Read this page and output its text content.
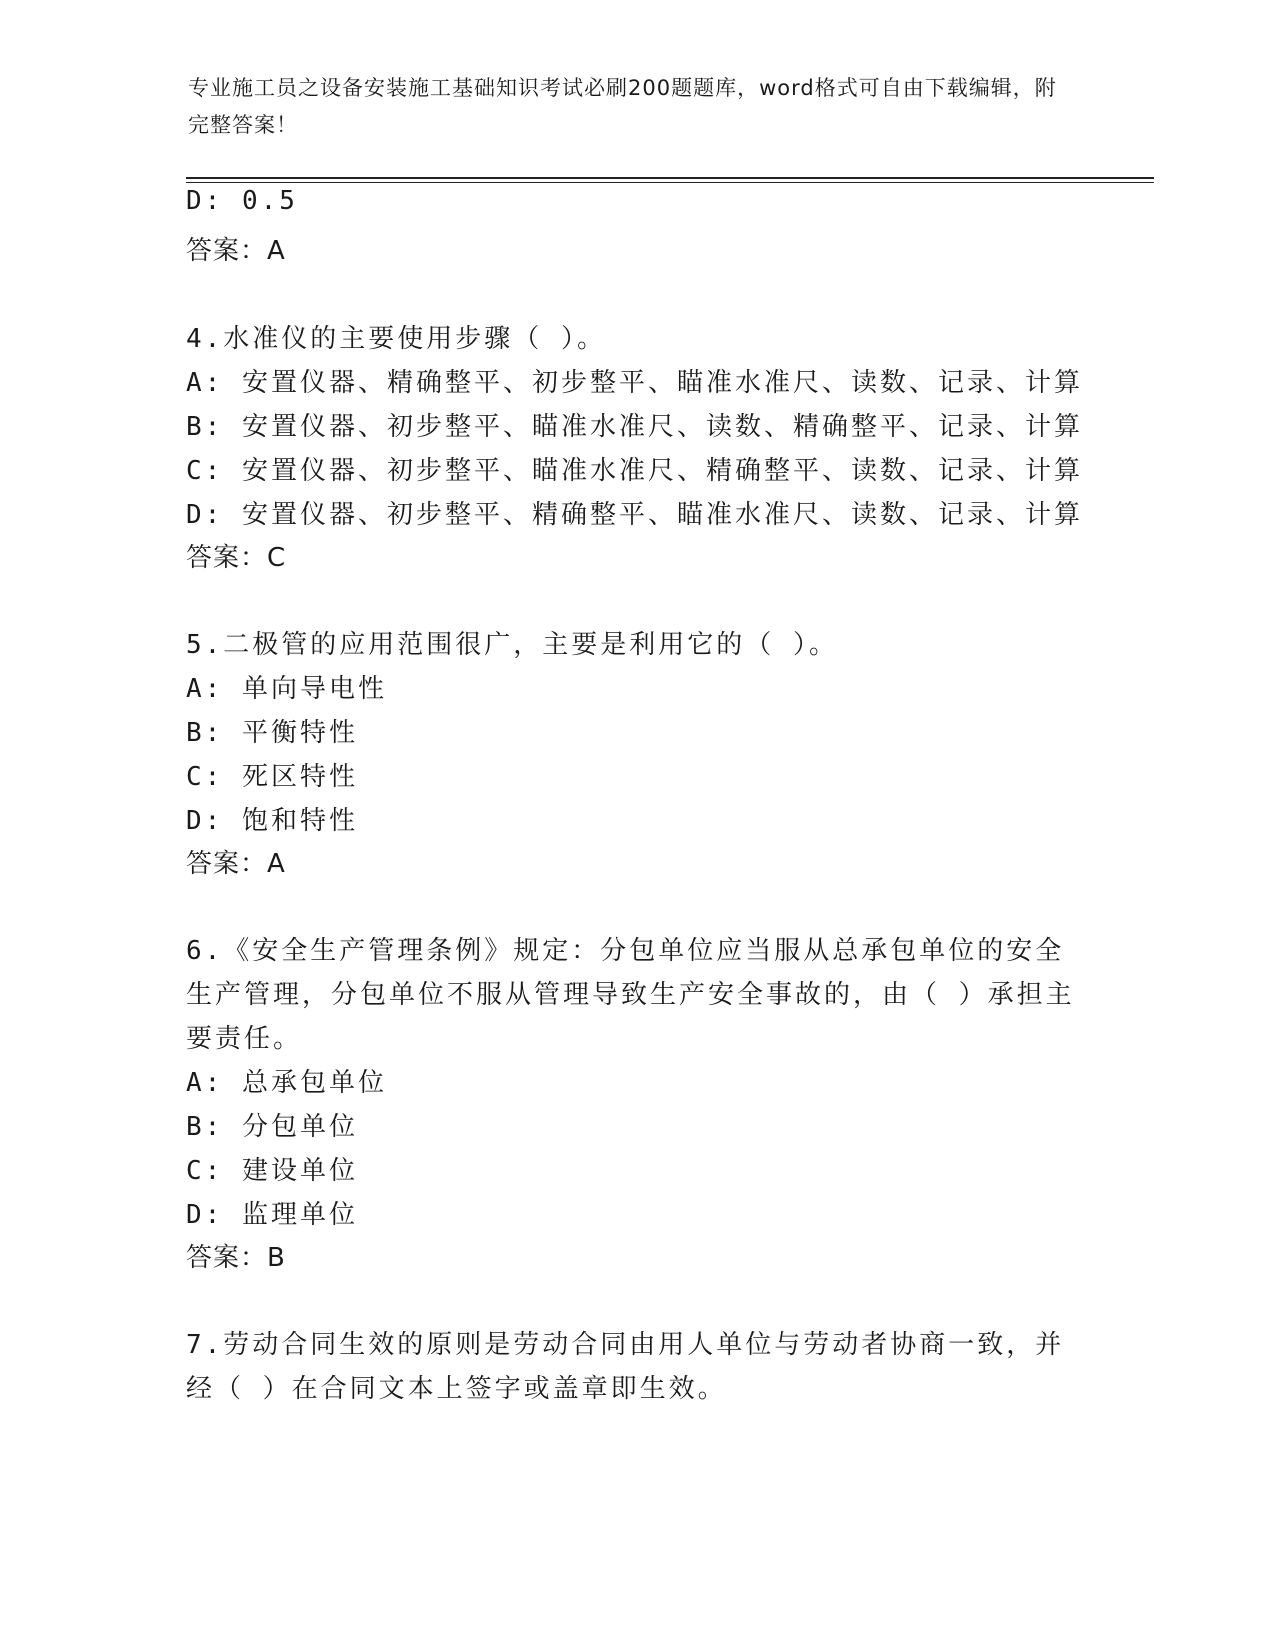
专业施工员之设备安装施工基础知识考试必刷200题题库，word格式可自由下载编辑，附完整答案！
D: 0.5
答案：A
4.水准仪的主要使用步骤（ ）。
A: 安置仪器、精确整平、初步整平、瞄准水准尺、读数、记录、计算
B: 安置仪器、初步整平、瞄准水准尺、读数、精确整平、记录、计算
C: 安置仪器、初步整平、瞄准水准尺、精确整平、读数、记录、计算
D: 安置仪器、初步整平、精确整平、瞄准水准尺、读数、记录、计算
答案：C
5.二极管的应用范围很广，主要是利用它的（ ）。
A: 单向导电性
B: 平衡特性
C: 死区特性
D: 饱和特性
答案：A
6.《安全生产管理条例》规定：分包单位应当服从总承包单位的安全
生产管理，分包单位不服从管理导致生产安全事故的，由（ ）承担主
要责任。
A: 总承包单位
B: 分包单位
C: 建设单位
D: 监理单位
答案：B
7.劳动合同生效的原则是劳动合同由用人单位与劳动者协商一致，并
经（ ）在合同文本上签字或盖章即生效。
